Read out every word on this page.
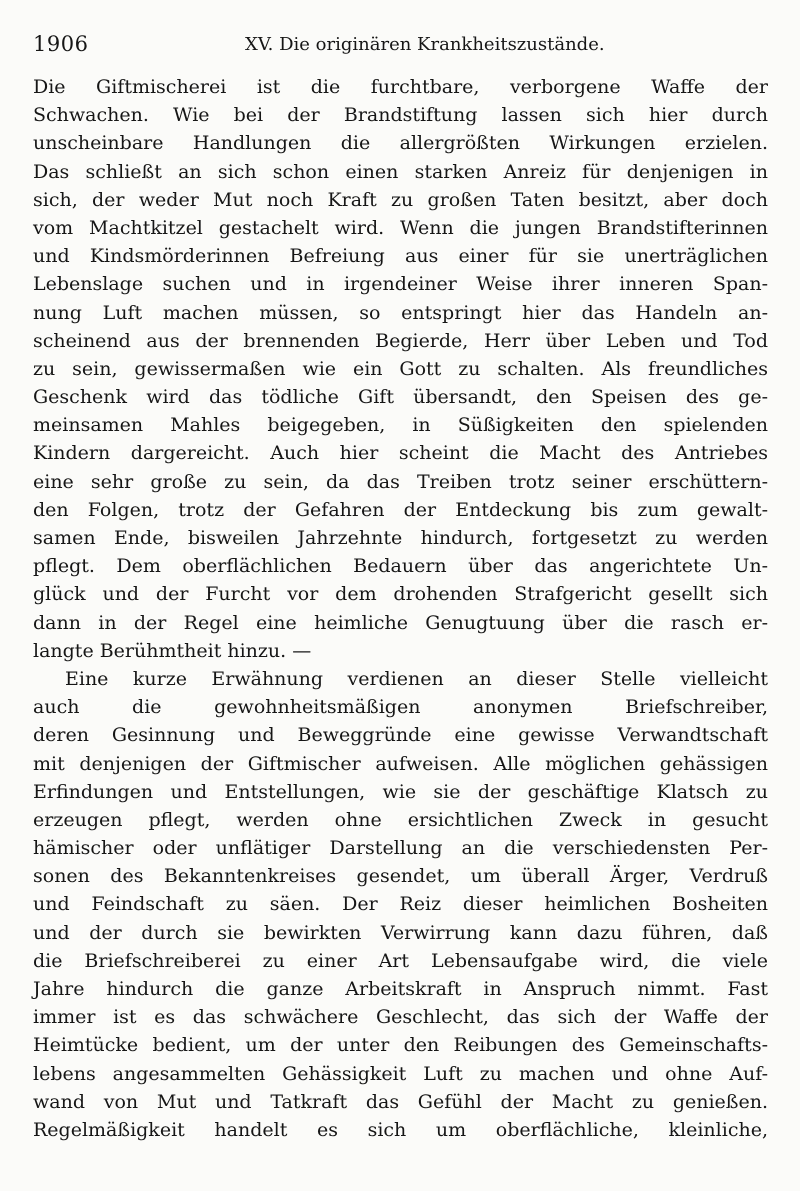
1906	XV. Die originären Krankheitszustände.
Die Giftmischerei ist die furchtbare, verborgene Waffe der
Schwachen. Wie bei der Brandstiftung lassen sich hier durch
unscheinbare Handlungen die allergrößten Wirkungen erzielen.
Das schließt an sich schon einen starken Anreiz für denjenigen in
sich, der weder Mut noch Kraft zu großen Taten besitzt, aber doch
vom Machtkitzel gestachelt wird. Wenn die jungen Brandstifterinnen
und Kindsmörderinnen Befreiung aus einer für sie unerträglichen
Lebenslage suchen und in irgendeiner Weise ihrer inneren Span-
nung Luft machen müssen, so entspringt hier das Handeln an-
scheinend aus der brennenden Begierde, Herr über Leben und Tod
zu sein, gewissermaßen wie ein Gott zu schalten. Als freundliches
Geschenk wird das tödliche Gift übersandt, den Speisen des ge-
meinsamen Mahles beigegeben, in Süßigkeiten den spielenden
Kindern dargereicht. Auch hier scheint die Macht des Antriebes
eine sehr große zu sein, da das Treiben trotz seiner erschüttern-
den Folgen, trotz der Gefahren der Entdeckung bis zum gewalt-
samen Ende, bisweilen Jahrzehnte hindurch, fortgesetzt zu werden
pflegt. Dem oberflächlichen Bedauern über das angerichtete Un-
glück und der Furcht vor dem drohenden Strafgericht gesellt sich
dann in der Regel eine heimliche Genugtuung über die rasch er-
langte Berühmtheit hinzu. —
Eine kurze Erwähnung verdienen an dieser Stelle vielleicht
auch die gewohnheitsmäßigen anonymen Briefschreiber,
deren Gesinnung und Beweggründe eine gewisse Verwandtschaft
mit denjenigen der Giftmischer aufweisen. Alle möglichen gehässigen
Erfindungen und Entstellungen, wie sie der geschäftige Klatsch zu
erzeugen pflegt, werden ohne ersichtlichen Zweck in gesucht
hämischer oder unflätiger Darstellung an die verschiedensten Per-
sonen des Bekanntenkreises gesendet, um überall Ärger, Verdruß
und Feindschaft zu säen. Der Reiz dieser heimlichen Bosheiten
und der durch sie bewirkten Verwirrung kann dazu führen, daß
die Briefschreiberei zu einer Art Lebensaufgabe wird, die viele
Jahre hindurch die ganze Arbeitskraft in Anspruch nimmt. Fast
immer ist es das schwächere Geschlecht, das sich der Waffe der
Heimtücke bedient, um der unter den Reibungen des Gemeinschafts-
lebens angesammelten Gehässigkeit Luft zu machen und ohne Auf-
wand von Mut und Tatkraft das Gefühl der Macht zu genießen.
Regelmäßigkeit handelt es sich um oberflächliche, kleinliche,
